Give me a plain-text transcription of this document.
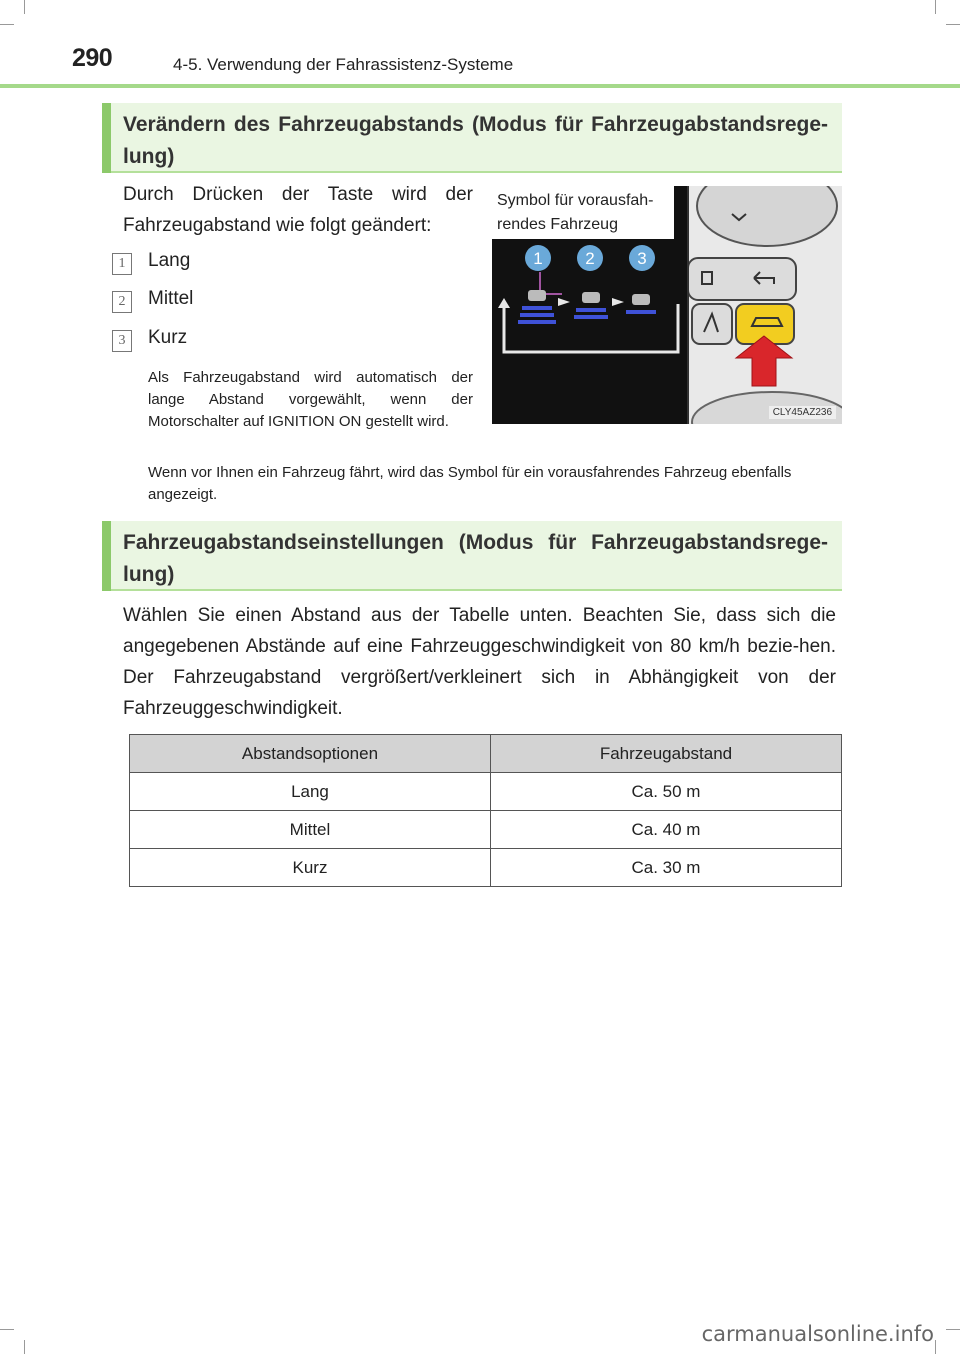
290	4-5. Verwendung der Fahrassistenz-Systeme
Verändern des Fahrzeugabstands (Modus für Fahrzeugabstandsrege-lung)
Durch Drücken der Taste wird der Fahrzeugabstand wie folgt geändert:
1	Lang
2	Mittel
3	Kurz
Als Fahrzeugabstand wird automatisch der lange Abstand vorgewählt, wenn der Motorschalter auf IGNITION ON gestellt wird.
1	2	3
Symbol für vorausfah-rendes Fahrzeug
CLY45AZ236
Wenn vor Ihnen ein Fahrzeug fährt, wird das Symbol für ein vorausfahrendes Fahrzeug ebenfalls angezeigt.
Fahrzeugabstandseinstellungen (Modus für Fahrzeugabstandsrege-lung)
Wählen Sie einen Abstand aus der Tabelle unten. Beachten Sie, dass sich die angegebenen Abstände auf eine Fahrzeuggeschwindigkeit von 80 km/h bezie-hen. Der Fahrzeugabstand vergrößert/verkleinert sich in Abhängigkeit von der Fahrzeuggeschwindigkeit.
Abstandsoptionen	Fahrzeugabstand
Lang	Ca. 50 m
Mittel	Ca. 40 m
Kurz	Ca. 30 m
carmanualsonline.info
